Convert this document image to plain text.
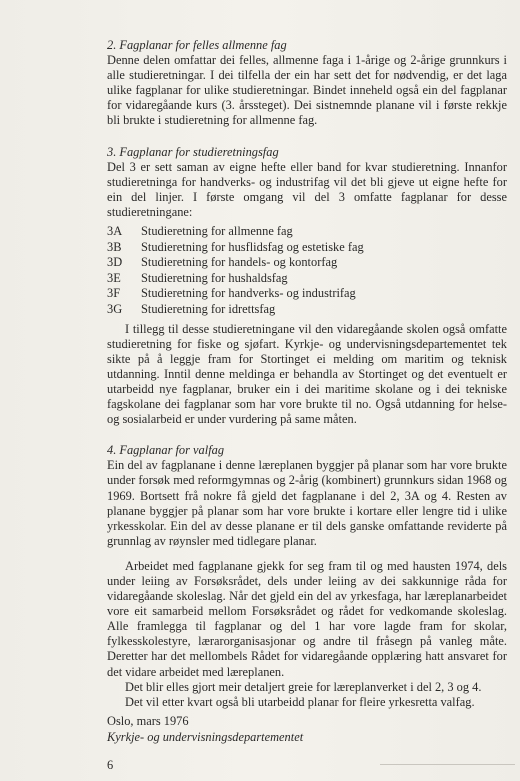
2. Fagplanar for felles allmenne fag

Denne delen omfattar dei felles, allmenne faga i 1-årige og 2-årige grunnkurs i alle studieretningar. I dei tilfella der ein har sett det for nødvendig, er det laga ulike fagplanar for ulike studieretningar. Bindet inneheld også ein del fagplanar for vidaregåande kurs (3. årssteget). Dei sistnemnde planane vil i første rekkje bli brukte i studieretning for allmenne fag.

3. Fagplanar for studieretningsfag

Del 3 er sett saman av eigne hefte eller band for kvar studieretning. Innanfor studieretninga for handverks- og industrifag vil det bli gjeve ut eigne hefte for ein del linjer. I første omgang vil del 3 omfatte fagplanar for desse studieretningane:

3A	Studieretning for allmenne fag
3B	Studieretning for husflidsfag og estetiske fag
3D	Studieretning for handels- og kontorfag
3E	Studieretning for hushaldsfag
3F	Studieretning for handverks- og industrifag
3G	Studieretning for idrettsfag

I tillegg til desse studieretningane vil den vidaregåande skolen også omfatte studieretning for fiske og sjøfart. Kyrkje- og undervisningsdepartementet tek sikte på å leggje fram for Stortinget ei melding om maritim og teknisk utdanning. Inntil denne meldinga er behandla av Stortinget og det eventuelt er utarbeidd nye fagplanar, bruker ein i dei maritime skolane og i dei tekniske fagskolane dei fagplanar som har vore brukte til no. Også utdanning for helse- og sosialarbeid er under vurdering på same måten.

4. Fagplanar for valfag

Ein del av fagplanane i denne læreplanen byggjer på planar som har vore brukte under forsøk med reformgymnas og 2-årig (kombinert) grunnkurs sidan 1968 og 1969. Bortsett frå nokre få gjeld det fagplanane i del 2, 3A og 4. Resten av planane byggjer på planar som har vore brukte i kortare eller lengre tid i ulike yrkesskolar. Ein del av desse planane er til dels ganske omfattande reviderte på grunnlag av røynsler med tidlegare planar.

Arbeidet med fagplanane gjekk for seg fram til og med hausten 1974, dels under leiing av Forsøksrådet, dels under leiing av dei sakkunnige råda for vidaregåande skoleslag. Når det gjeld ein del av yrkesfaga, har læreplanarbeidet vore eit samarbeid mellom Forsøksrådet og rådet for vedkomande skoleslag. Alle framlegga til fagplanar og del 1 har vore lagde fram for skolar, fylkesskolestyre, lærarorganisasjonar og andre til fråsegn på vanleg måte. Deretter har det mellombels Rådet for vidaregåande opplæring hatt ansvaret for det vidare arbeidet med læreplanen.

Det blir elles gjort meir detaljert greie for læreplanverket i del 2, 3 og 4.

Det vil etter kvart også bli utarbeidd planar for fleire yrkesretta valfag.

Oslo, mars 1976
Kyrkje- og undervisningsdepartementet
6
